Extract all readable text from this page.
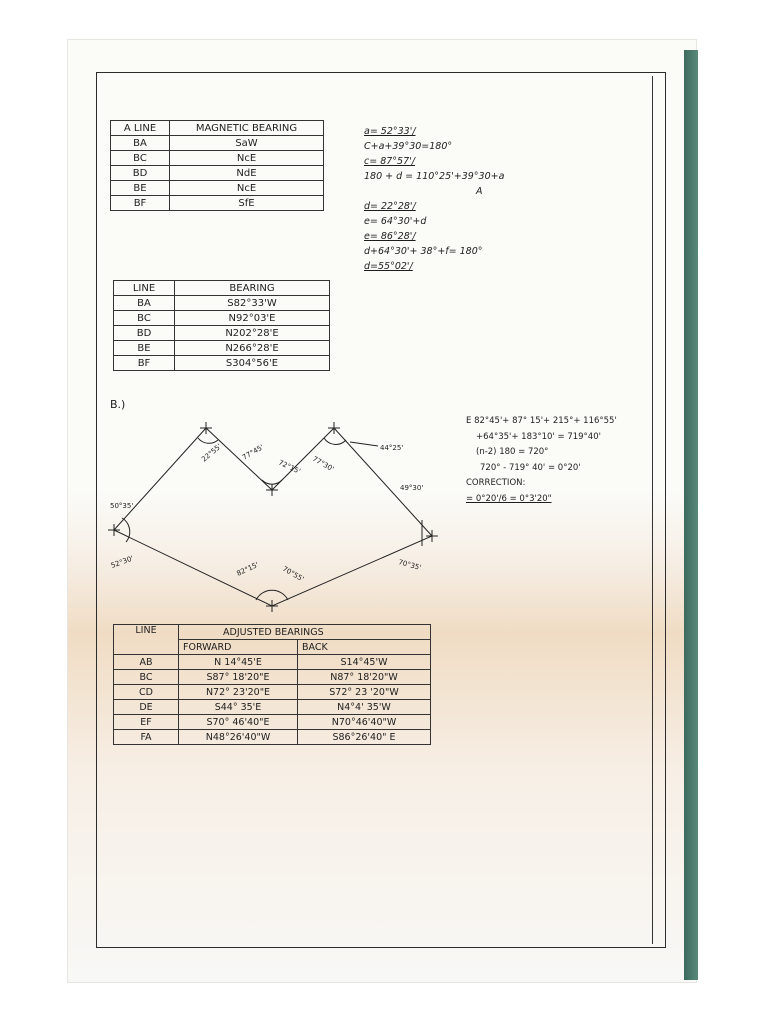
A LINE	MAGNETIC BEARING
BA	SaW
BC	NcE
BD	NdE
BE	NcE
BF	SfE
a= 52°33'/
C+a+39°30=180°
c= 87°57'/
180 + d = 110°25'+39°30+a
A
d= 22°28'/
e= 64°30'+d
e= 86°28'/
d+64°30'+ 38°+f= 180°
d=55°02'/
LINE	BEARING
BA	S82°33'W
BC	N92°03'E
BD	N202°28'E
BE	N266°28'E
BF	S304°56'E
B.)
22°55'	77°45'
72°15' 77°30'
44°25'
49°30'
70°35'
70°55'
82°15'
52°30'
50°35'
E 82°45'+ 87° 15'+ 215°+ 116°55'
+64°35'+ 183°10' = 719°40'
(n-2) 180 = 720°
720° - 719° 40' = 0°20'
CORRECTION:
= 0°20'/6 = 0°3'20"
LINE	ADJUSTED BEARINGS	
	FORWARD	BACK
AB	N 14°45'E	S14°45'W
BC	S87° 18'20"E	N87° 18'20"W
CD	N72° 23'20"E	S72° 23 '20"W
DE	S44° 35'E	N4°4' 35'W
EF	S70° 46'40"E	N70°46'40"W
FA	N48°26'40"W	S86°26'40" E
